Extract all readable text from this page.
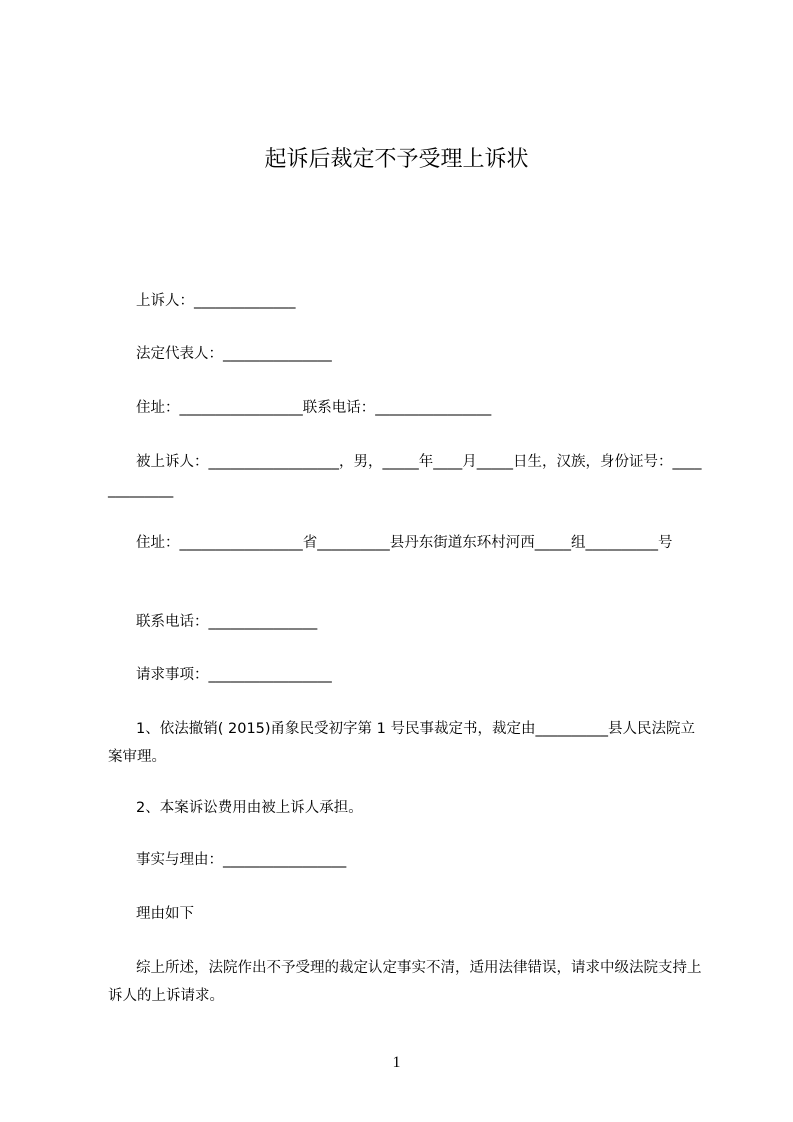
起诉后裁定不予受理上诉状
上诉人：______________
法定代表人：_______________
住址：_________________联系电话：________________
被上诉人：__________________，男，_____年____月_____日生，汉族，身份证号：_____________
住址：_________________省__________县丹东街道东环村河西_____组__________号
联系电话：_______________
请求事项：_________________
1、依法撤销( 2015)甬象民受初字第 1 号民事裁定书，裁定由__________县人民法院立案审理。
2、本案诉讼费用由被上诉人承担。
事实与理由：_________________
理由如下
综上所述，法院作出不予受理的裁定认定事实不清，适用法律错误，请求中级法院支持上诉人的上诉请求。
1
